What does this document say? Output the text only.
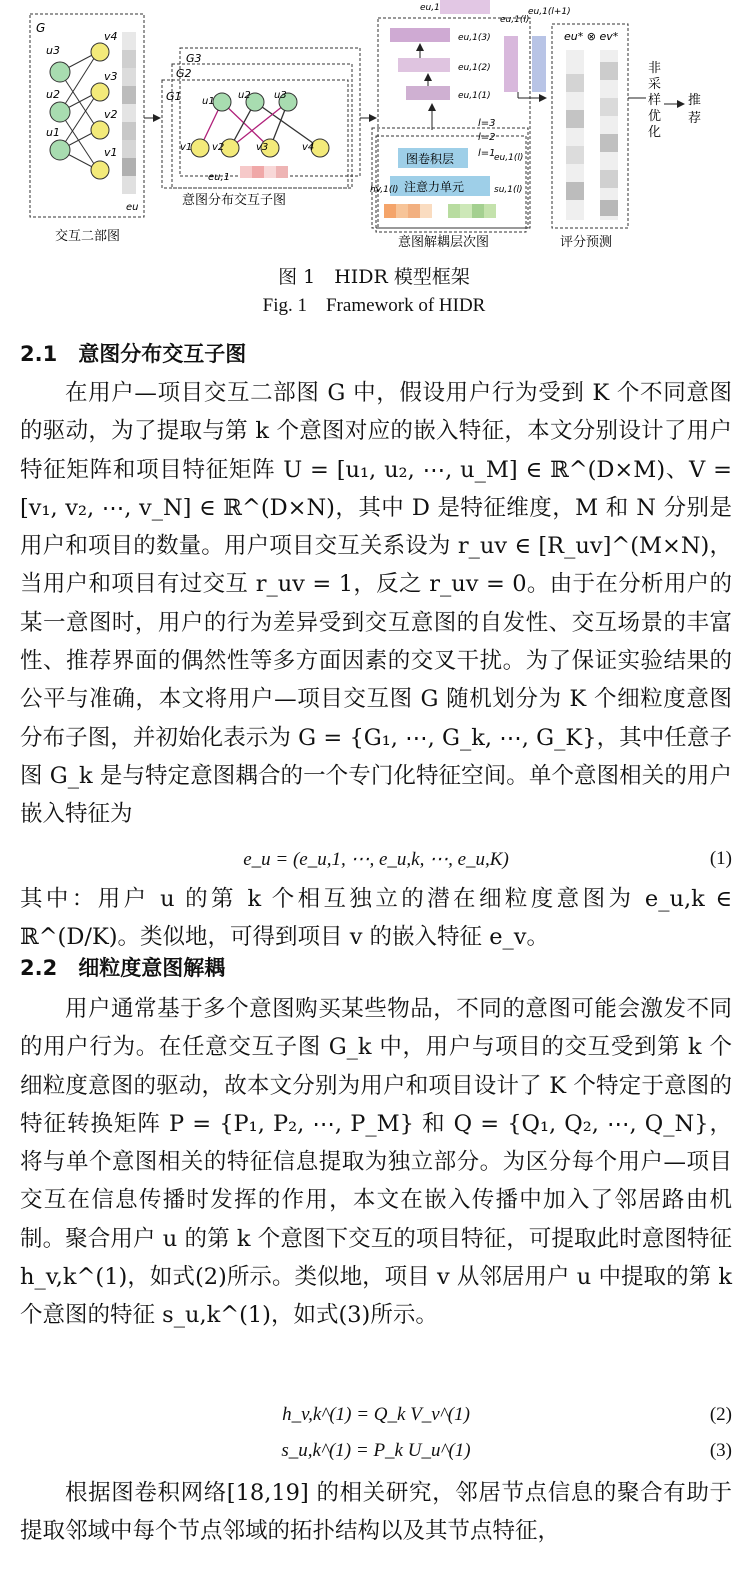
G
u3
u2
u1
v4
v3
v2
v1
eu
交互二部图
G3
G2
G1 u1
u2 u3
v1 v2	v3	v4
eu,1
意图分布交互子图
eu,1
eu,1(3)
eu,1(2)
eu,1(1)
eu,1(l)
eu,1(l+1)
l=3
l=2
l=1
图卷积层
注意力单元
hv,1(l)	su,1(l)
eu,1(l)
意图解耦层次图
eu* ⊗ ev*
评分预测
非
采
样
优
化
推
荐
图 1　HIDR 模型框架
Fig. 1　Framework of HIDR
2.1　意图分布交互子图

在用户—项目交互二部图 G 中，假设用户行为受到 K 个不同意图的驱动，为了提取与第 k 个意图对应的嵌入特征，本文分别设计了用户特征矩阵和项目特征矩阵 U = [u₁, u₂, ⋯, u_M] ∈ ℝ^(D×M)、V = [v₁, v₂, ⋯, v_N] ∈ ℝ^(D×N)，其中 D 是特征维度，M 和 N 分别是用户和项目的数量。用户项目交互关系设为 r_uv ∈ [R_uv]^(M×N)，当用户和项目有过交互 r_uv = 1，反之 r_uv = 0。由于在分析用户的某一意图时，用户的行为差异受到交互意图的自发性、交互场景的丰富性、推荐界面的偶然性等多方面因素的交叉干扰。为了保证实验结果的公平与准确，本文将用户—项目交互图 G 随机划分为 K 个细粒度意图分布子图，并初始化表示为 G = {G₁, ⋯, G_k, ⋯, G_K}，其中任意子图 G_k 是与特定意图耦合的一个专门化特征空间。单个意图相关的用户嵌入特征为

e_u = (e_u,1, ⋯, e_u,k, ⋯, e_u,K)	(1)

其中：用户 u 的第 k 个相互独立的潜在细粒度意图为 e_u,k ∈ ℝ^(D/K)。类似地，可得到项目 v 的嵌入特征 e_v。

2.2　细粒度意图解耦

用户通常基于多个意图购买某些物品，不同的意图可能会激发不同的用户行为。在任意交互子图 G_k 中，用户与项目的交互受到第 k 个细粒度意图的驱动，故本文分别为用户和项目设计了 K 个特定于意图的特征转换矩阵 P = {P₁, P₂, ⋯, P_M} 和 Q = {Q₁, Q₂, ⋯, Q_N}，将与单个意图相关的特征信息提取为独立部分。为区分每个用户—项目交互在信息传播时发挥的作用，本文在嵌入传播中加入了邻居路由机制。聚合用户 u 的第 k 个意图下交互的项目特征，可提取此时意图特征 h_v,k^(1)，如式(2)所示。类似地，项目 v 从邻居用户 u 中提取的第 k 个意图的特征 s_u,k^(1)，如式(3)所示。

h_v,k^(1) = Q_k V_v^(1)	(2)
s_u,k^(1) = P_k U_u^(1)	(3)

根据图卷积网络[18,19] 的相关研究，邻居节点信息的聚合有助于提取邻域中每个节点邻域的拓扑结构以及其节点特征，
